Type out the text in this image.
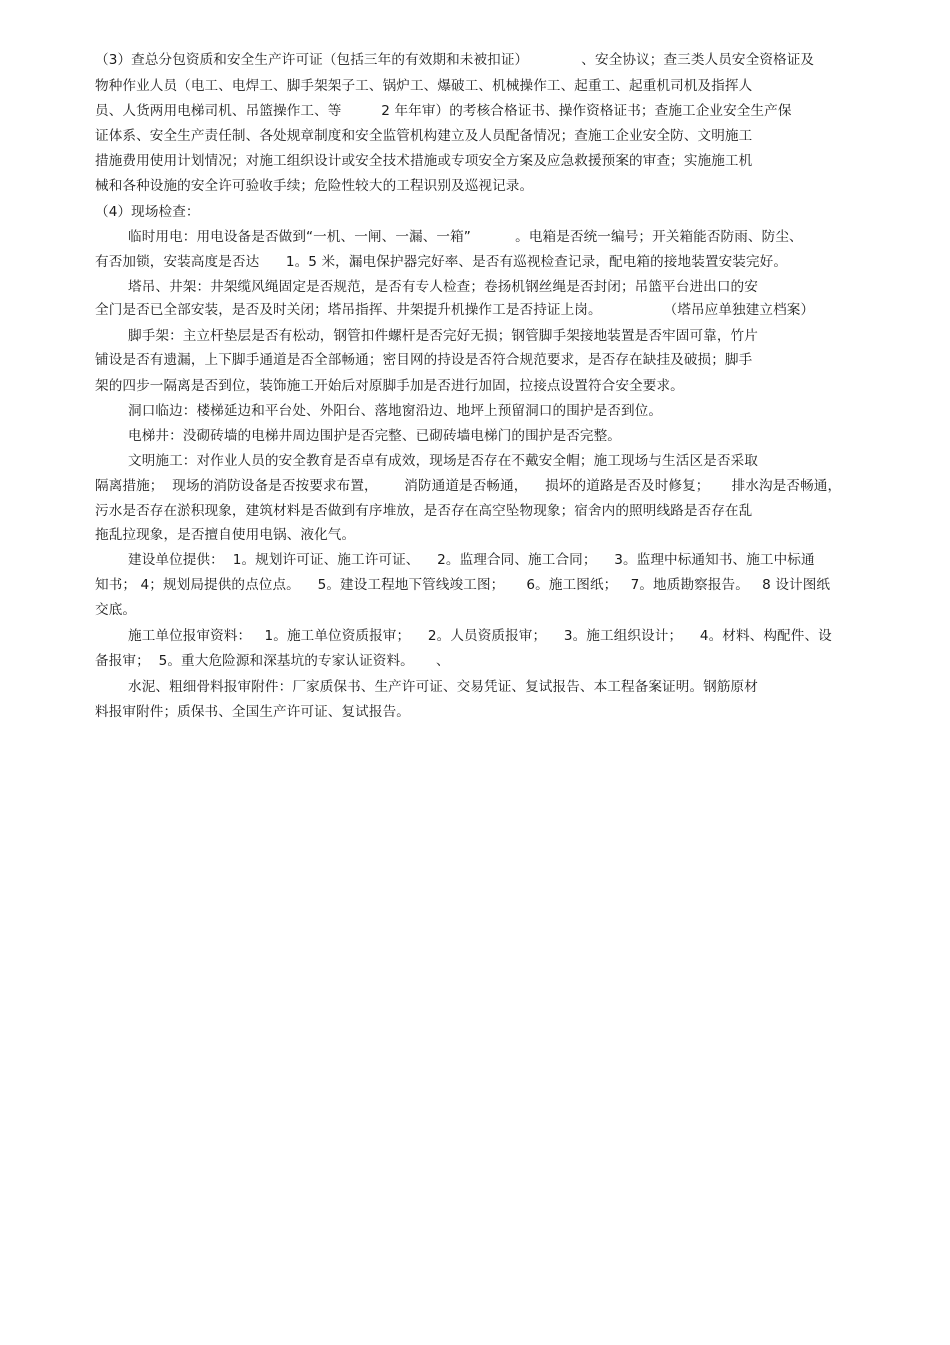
（3）查总分包资质和安全生产许可证（包括三年的有效期和未被扣证）            、安全协议；查三类人员安全资格证及
物种作业人员（电工、电焊工、脚手架架子工、锅炉工、爆破工、机械操作工、起重工、起重机司机及指挥人
员、人货两用电梯司机、吊篮操作工、等         2 年年审）的考核合格证书、操作资格证书；查施工企业安全生产保
证体系、安全生产责任制、各处规章制度和安全监管机构建立及人员配备情况；查施工企业安全防、文明施工
措施费用使用计划情况；对施工组织设计或安全技术措施或专项安全方案及应急救援预案的审查；实施施工机
械和各种设施的安全许可验收手续；危险性较大的工程识别及巡视记录。
（4）现场检查：
临时用电：用电设备是否做到“一机、一闸、一漏、一箱”          。电箱是否统一编号；开关箱能否防雨、防尘、
有否加锁，安装高度是否达      1。5 米，漏电保护器完好率、是否有巡视检查记录，配电箱的接地装置安装完好。
塔吊、井架：井架缆风绳固定是否规范，是否有专人检查；卷扬机钢丝绳是否封闭；吊篮平台进出口的安
全门是否已全部安装，是否及时关闭；塔吊指挥、井架提升机操作工是否持证上岗。              （塔吊应单独建立档案）
脚手架：主立杆垫层是否有松动，钢管扣件螺杆是否完好无损；钢管脚手架接地装置是否牢固可靠，竹片
铺设是否有遗漏，上下脚手通道是否全部畅通；密目网的持设是否符合规范要求，是否存在缺挂及破损；脚手
架的四步一隔离是否到位，装饰施工开始后对原脚手加是否进行加固，拉接点设置符合安全要求。
洞口临边：楼梯延边和平台处、外阳台、落地窗沿边、地坪上预留洞口的围护是否到位。
电梯井：没砌砖墙的电梯井周边围护是否完整、已砌砖墙电梯门的围护是否完整。
文明施工：对作业人员的安全教育是否卓有成效，现场是否存在不戴安全帽；施工现场与生活区是否采取
隔离措施；  现场的消防设备是否按要求布置，      消防通道是否畅通，    损坏的道路是否及时修复；     排水沟是否畅通，
污水是否存在淤积现象，建筑材料是否做到有序堆放，是否存在高空坠物现象；宿舍内的照明线路是否存在乱
拖乱拉现象，是否擅自使用电锅、液化气。
建设单位提供：  1。规划许可证、施工许可证、    2。监理合同、施工合同；    3。监理中标通知书、施工中标通
知书； 4；规划局提供的点位点。    5。建设工程地下管线竣工图；     6。施工图纸；   7。地质勘察报告。   8 设计图纸
交底。
施工单位报审资料：   1。施工单位资质报审；    2。人员资质报审；    3。施工组织设计；    4。材料、构配件、设
备报审；  5。重大危险源和深基坑的专家认证资料。     、
水泥、粗细骨料报审附件：厂家质保书、生产许可证、交易凭证、复试报告、本工程备案证明。钢筋原材
料报审附件；质保书、全国生产许可证、复试报告。
